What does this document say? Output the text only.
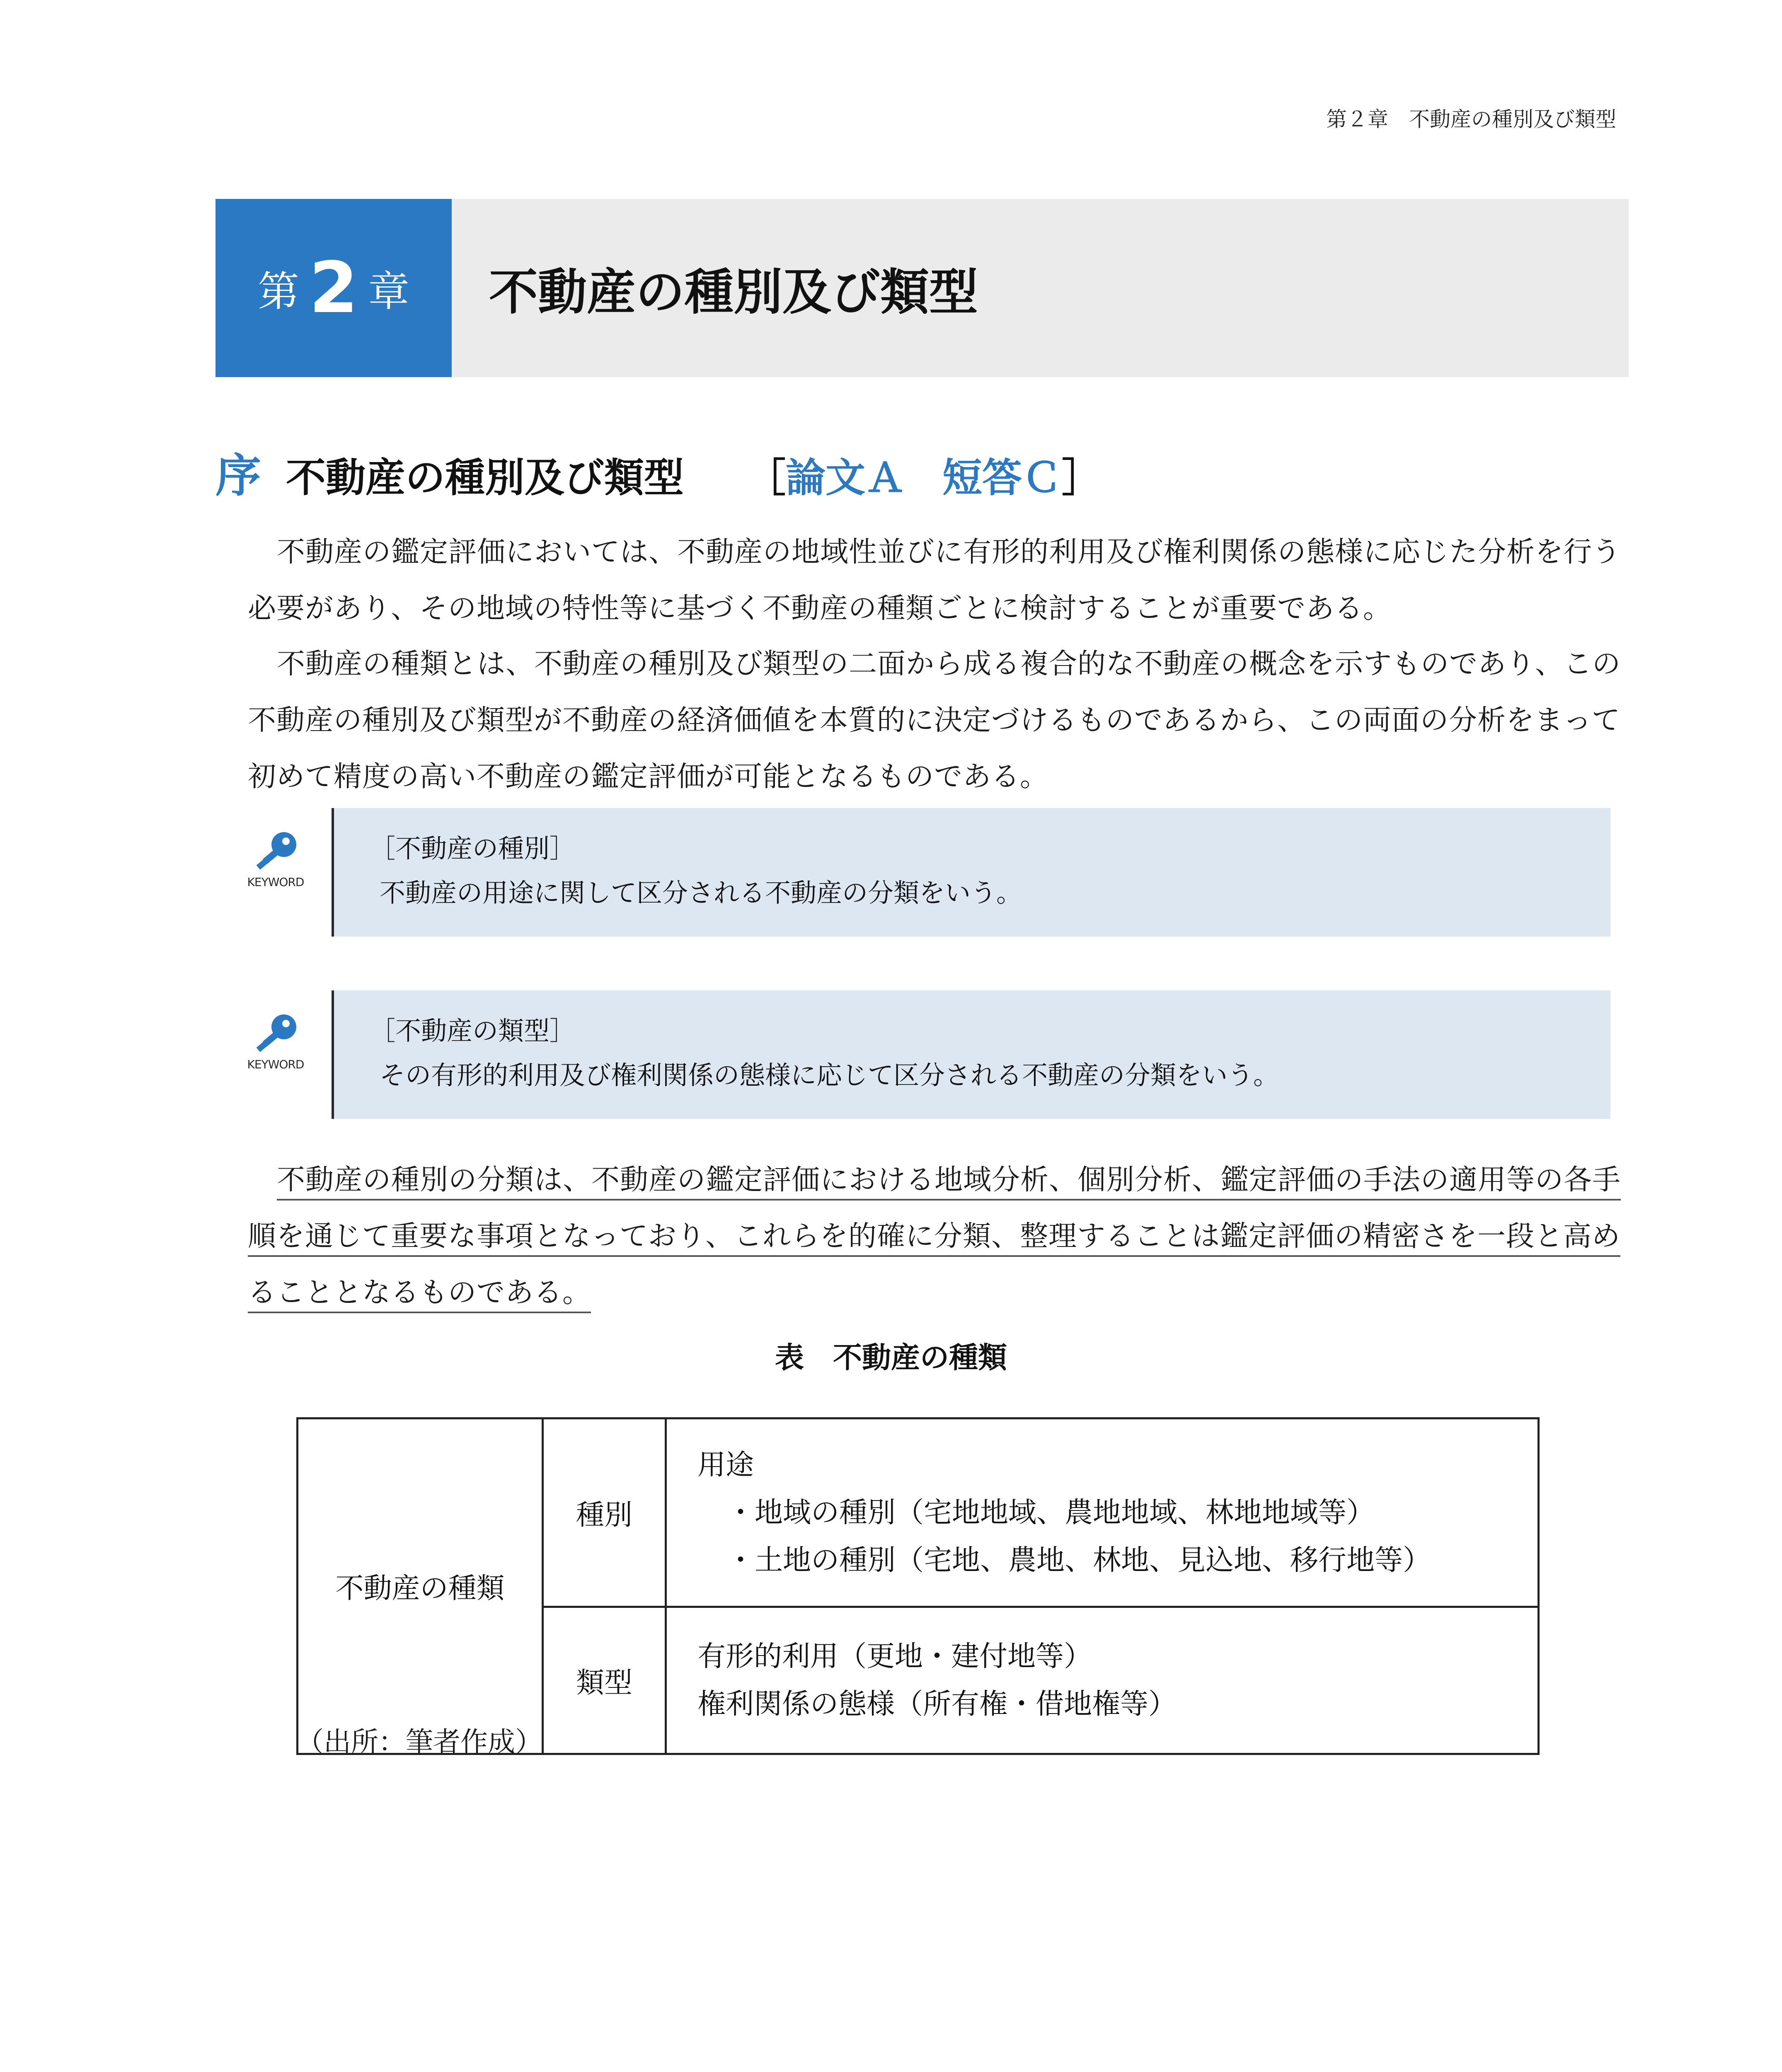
第２章　不動産の種別及び類型
第 2 章 不動産の種別及び類型
序 不動産の種別及び類型 ［論文Ａ 短答Ｃ］

不動産の鑑定評価においては、不動産の地域性並びに有形的利用及び権利関係の態様に応じた分析を行う必要があり、その地域の特性等に基づく不動産の種類ごとに検討することが重要である。

不動産の種類とは、不動産の種別及び類型の二面から成る複合的な不動産の概念を示すものであり、この不動産の種別及び類型が不動産の経済価値を本質的に決定づけるものであるから、この両面の分析をまって初めて精度の高い不動産の鑑定評価が可能となるものである。

KEYWORD
［不動産の種別］
不動産の用途に関して区分される不動産の分類をいう。
KEYWORD
［不動産の類型］
その有形的利用及び権利関係の態様に応じて区分される不動産の分類をいう。

不動産の種別の分類は、不動産の鑑定評価における地域分析、個別分析、鑑定評価の手法の適用等の各手順を通じて重要な事項となっており、これらを的確に分類、整理することは鑑定評価の精密さを一段と高めることとなるものである。

表　不動産の種類
不動産の種類	種別	用途
・地域の種別（宅地地域、農地地域、林地地域等）
・土地の種別（宅地、農地、林地、見込地、移行地等）

	類型	有形的利用（更地・建付地等）
権利関係の態様（所有権・借地権等）
（出所：筆者作成）
